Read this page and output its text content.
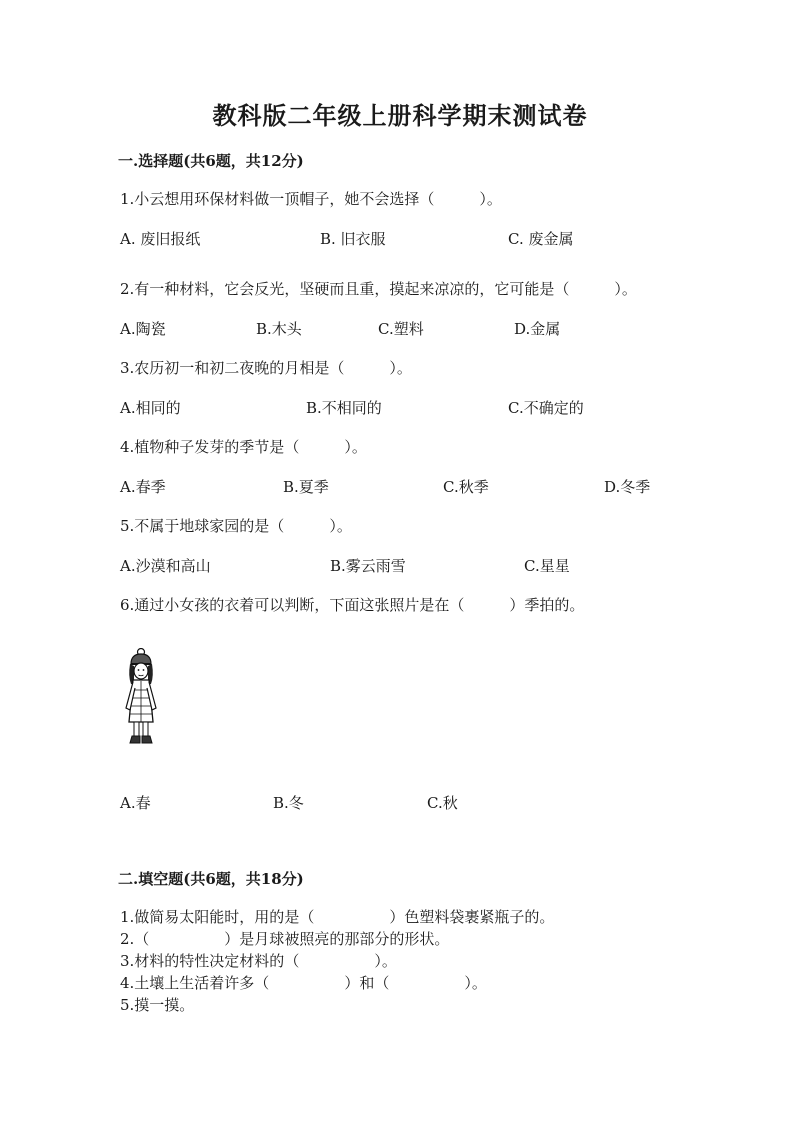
教科版二年级上册科学期末测试卷
一.选择题(共6题，共12分)
1.小云想用环保材料做一顶帽子，她不会选择（　　　）。
A. 废旧报纸	B. 旧衣服	C. 废金属
2.有一种材料，它会反光，坚硬而且重，摸起来凉凉的，它可能是（　　　）。
A.陶瓷	B.木头	C.塑料	D.金属
3.农历初一和初二夜晚的月相是（　　　）。
A.相同的	B.不相同的	C.不确定的
4.植物种子发芽的季节是（　　　）。
A.春季	B.夏季	C.秋季	D.冬季
5.不属于地球家园的是（　　　）。
A.沙漠和高山	B.雾云雨雪	C.星星
6.通过小女孩的衣着可以判断，下面这张照片是在（　　　）季拍的。
A.春	B.冬	C.秋
二.填空题(共6题，共18分)
1.做简易太阳能时，用的是（　　　　　）色塑料袋裹紧瓶子的。
2.（　　　　　）是月球被照亮的那部分的形状。
3.材料的特性决定材料的（　　　　　）。
4.土壤上生活着许多（　　　　　）和（　　　　　）。
5.摸一摸。
